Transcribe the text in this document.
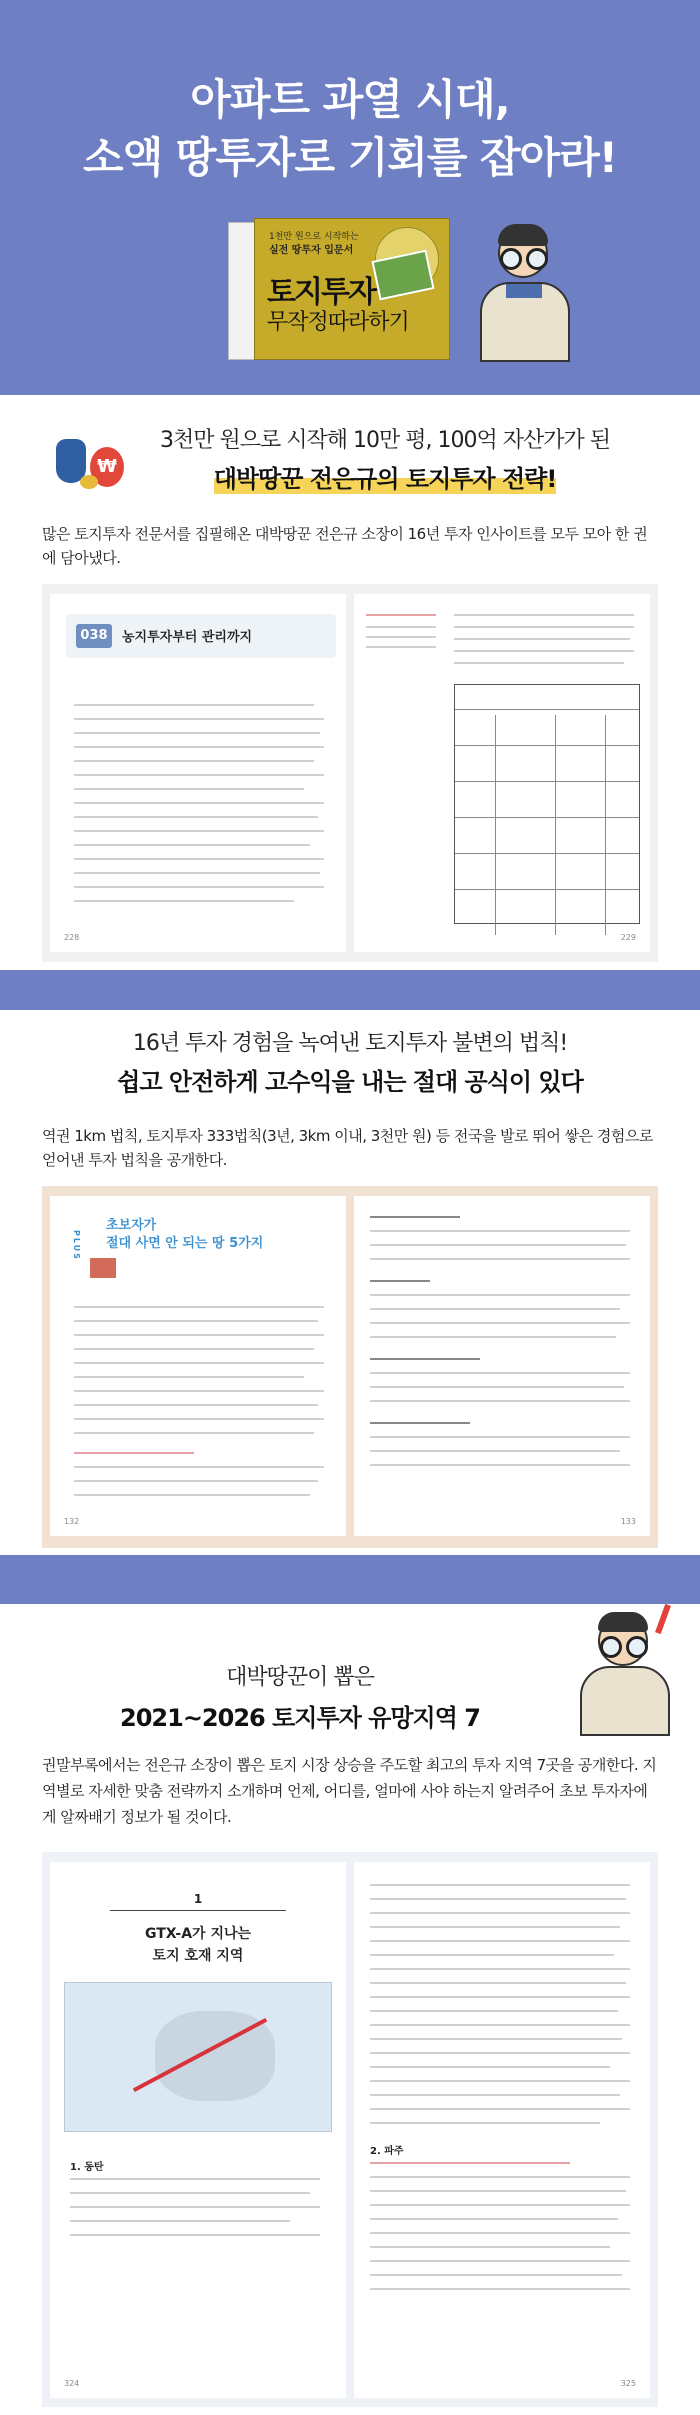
아파트 과열 시대,
소액 땅투자로 기회를 잡아라!
1천만 원으로 시작하는
실전 땅투자 입문서
토지투자
무작정따라하기
₩
3천만 원으로 시작해 10만 평, 100억 자산가가 된
대박땅꾼 전은규의 토지투자 전략!
많은 토지투자 전문서를 집필해온 대박땅꾼 전은규 소장이 16년 투자 인사이트를 모두 모아 한 권에 담아냈다.
038	농지투자부터 관리까지
228	229
16년 투자 경험을 녹여낸 토지투자 불변의 법칙!
쉽고 안전하게 고수익을 내는 절대 공식이 있다
역권 1km 법칙, 토지투자 333법칙(3년, 3km 이내, 3천만 원) 등 전국을 발로 뛰어 쌓은 경험으로 얻어낸 투자 법칙을 공개한다.
PLUS
초보자가
절대 사면 안 되는 땅 5가지
132	133
대박땅꾼이 뽑은
2021~2026 토지투자 유망지역 7
권말부록에서는 전은규 소장이 뽑은 토지 시장 상승을 주도할 최고의 투자 지역 7곳을 공개한다. 지역별로 자세한 맞춤 전략까지 소개하며 언제, 어디를, 얼마에 사야 하는지 알려주어 초보 투자자에게 알짜배기 정보가 될 것이다.
1
GTX-A가 지나는
토지 호재 지역
1. 동탄
324
2. 파주
325
